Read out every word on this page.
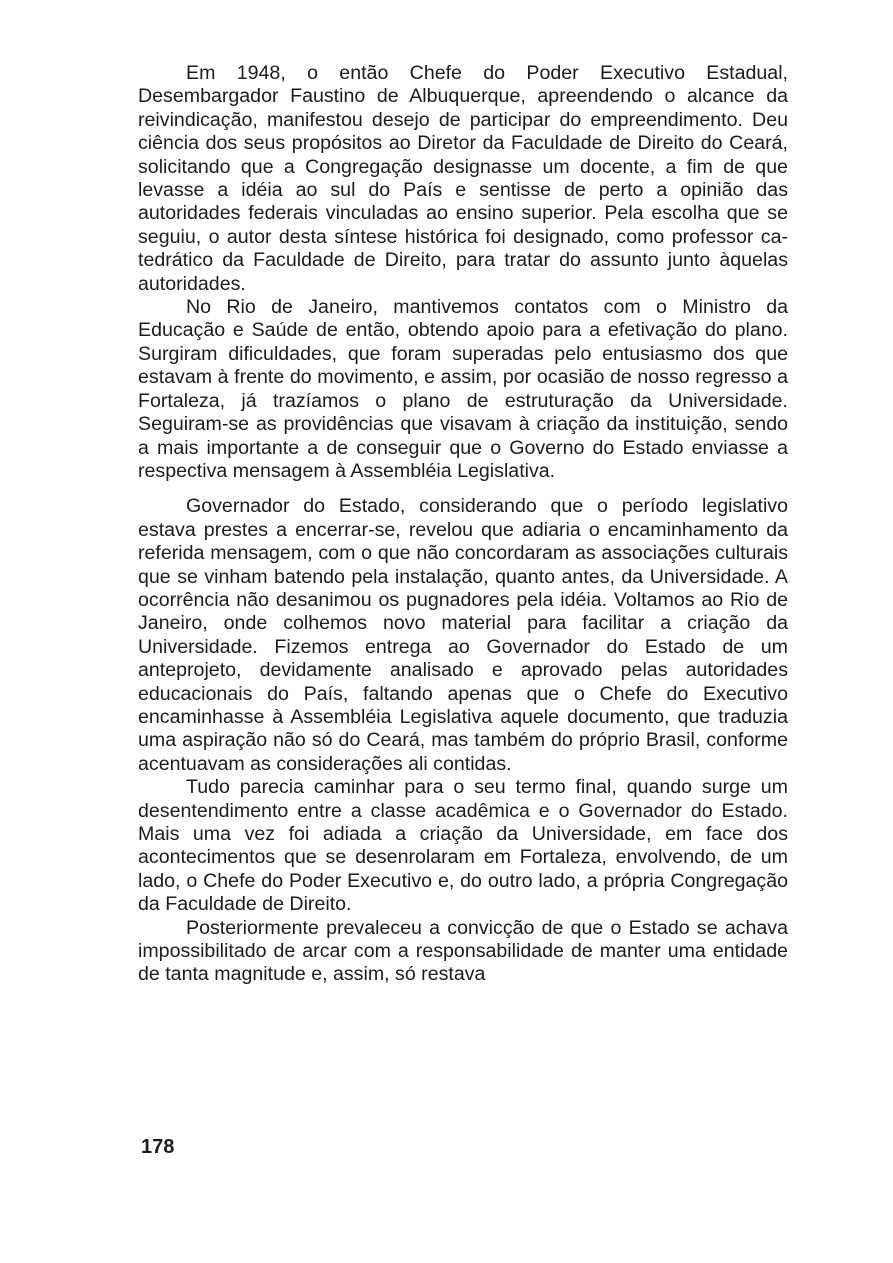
Em 1948, o então Chefe do Poder Executivo Estadual, Desembargador Faustino de Albuquerque, apreendendo o alcance da reivindicação, manifestou desejo de participar do empreendimento. Deu ciência dos seus propósitos ao Diretor da Faculdade de Direito do Ceará, solicitando que a Congregação designasse um docente, a fim de que levasse a idéia ao sul do País e sentisse de perto a opinião das autoridades federais vinculadas ao ensino superior. Pela escolha que se seguiu, o autor desta síntese histórica foi designado, como professor catedrático da Faculdade de Direito, para tratar do assunto junto àquelas autoridades.

No Rio de Janeiro, mantivemos contatos com o Ministro da Educação e Saúde de então, obtendo apoio para a efetivação do plano. Surgiram dificuldades, que foram superadas pelo entusiasmo dos que estavam à frente do movimento, e assim, por ocasião de nosso regresso a Fortaleza, já trazíamos o plano de estruturação da Universidade. Seguiram-se as providências que visavam à criação da instituição, sendo a mais importante a de conseguir que o Governo do Estado enviasse a respectiva mensagem à Assembléia Legislativa.

Governador do Estado, considerando que o período legislativo estava prestes a encerrar-se, revelou que adiaria o encaminhamento da referida mensagem, com o que não concordaram as associações culturais que se vinham batendo pela instalação, quanto antes, da Universidade. A ocorrência não desanimou os pugnadores pela idéia. Voltamos ao Rio de Janeiro, onde colhemos novo material para facilitar a criação da Universidade. Fizemos entrega ao Governador do Estado de um anteprojeto, devidamente analisado e aprovado pelas autoridades educacionais do País, faltando apenas que o Chefe do Executivo encaminhasse à Assembléia Legislativa aquele documento, que traduzia uma aspiração não só do Ceará, mas também do próprio Brasil, conforme acentuavam as considerações ali contidas.

Tudo parecia caminhar para o seu termo final, quando surge um desentendimento entre a classe acadêmica e o Governador do Estado. Mais uma vez foi adiada a criação da Universidade, em face dos acontecimentos que se desenrolaram em Fortaleza, envolvendo, de um lado, o Chefe do Poder Executivo e, do outro lado, a própria Congregação da Faculdade de Direito.

Posteriormente prevaleceu a convicção de que o Estado se achava impossibilitado de arcar com a responsabilidade de manter uma entidade de tanta magnitude e, assim, só restava

178
